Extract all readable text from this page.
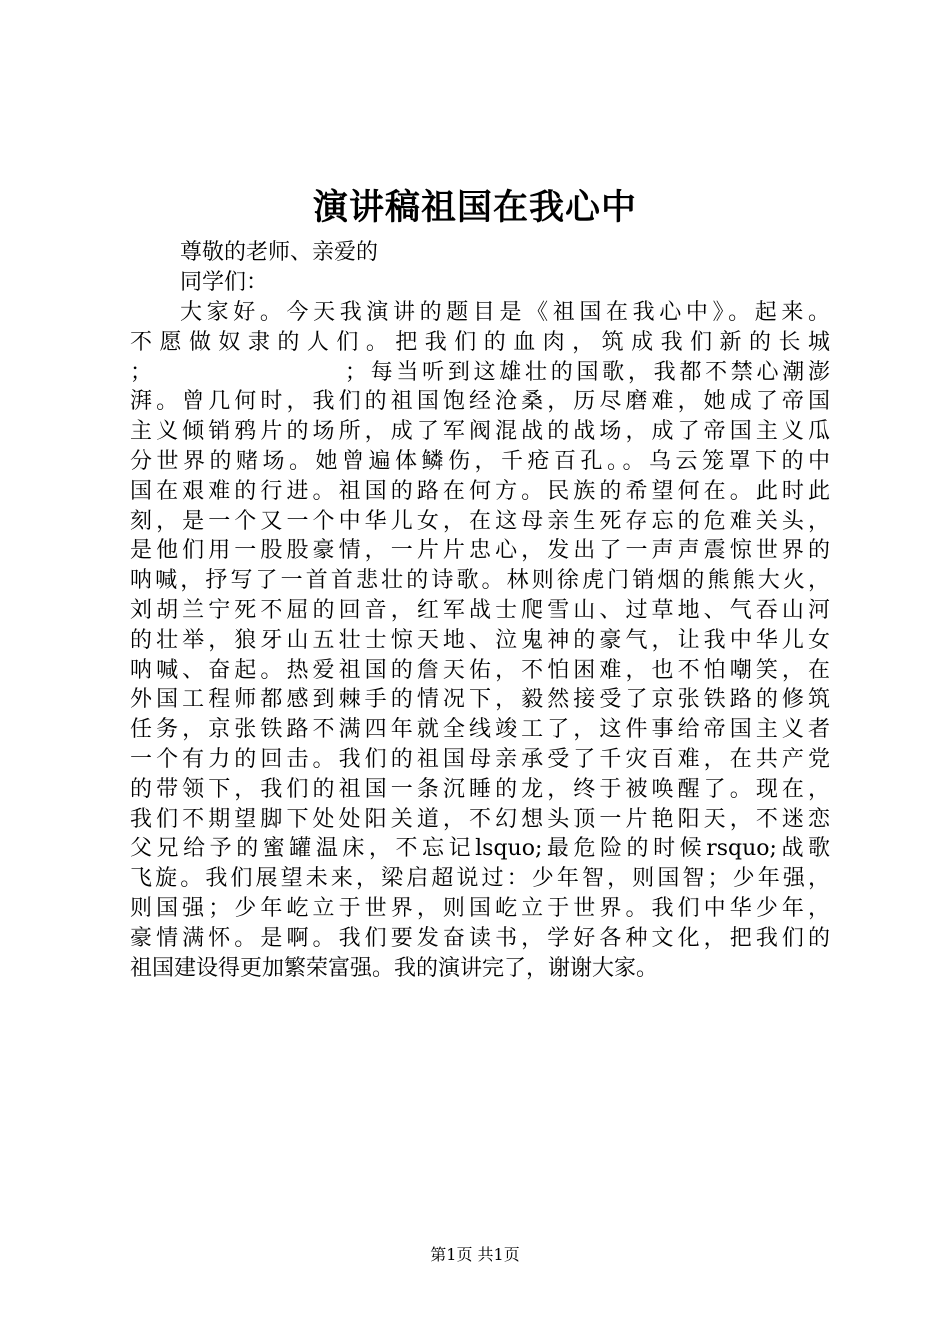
演讲稿祖国在我心中
尊敬的老师、亲爱的
同学们：
大家好。今天我演讲的题目是《祖国在我心中》。起来。
不愿做奴隶的人们。把我们的血肉，筑成我们新的长城
；                  ；每当听到这雄壮的国歌，我都不禁心潮澎
湃。曾几何时，我们的祖国饱经沧桑，历尽磨难，她成了帝国
主义倾销鸦片的场所，成了军阀混战的战场，成了帝国主义瓜
分世界的赌场。她曾遍体鳞伤，千疮百孔。。乌云笼罩下的中
国在艰难的行进。祖国的路在何方。民族的希望何在。此时此
刻，是一个又一个中华儿女，在这母亲生死存忘的危难关头，
是他们用一股股豪情，一片片忠心，发出了一声声震惊世界的
呐喊，抒写了一首首悲壮的诗歌。林则徐虎门销烟的熊熊大火，
刘胡兰宁死不屈的回音，红军战士爬雪山、过草地、气吞山河
的壮举，狼牙山五壮士惊天地、泣鬼神的豪气，让我中华儿女
呐喊、奋起。热爱祖国的詹天佑，不怕困难，也不怕嘲笑，在
外国工程师都感到棘手的情况下，毅然接受了京张铁路的修筑
任务，京张铁路不满四年就全线竣工了，这件事给帝国主义者
一个有力的回击。我们的祖国母亲承受了千灾百难，在共产党
的带领下，我们的祖国一条沉睡的龙，终于被唤醒了。现在，
我们不期望脚下处处阳关道，不幻想头顶一片艳阳天，不迷恋
父兄给予的蜜罐温床，不忘记lsquo;最危险的时候rsquo;战歌
飞旋。我们展望未来，梁启超说过：少年智，则国智；少年强，
则国强；少年屹立于世界，则国屹立于世界。我们中华少年，
豪情满怀。是啊。我们要发奋读书，学好各种文化，把我们的
祖国建设得更加繁荣富强。我的演讲完了，谢谢大家。
第1页 共1页
